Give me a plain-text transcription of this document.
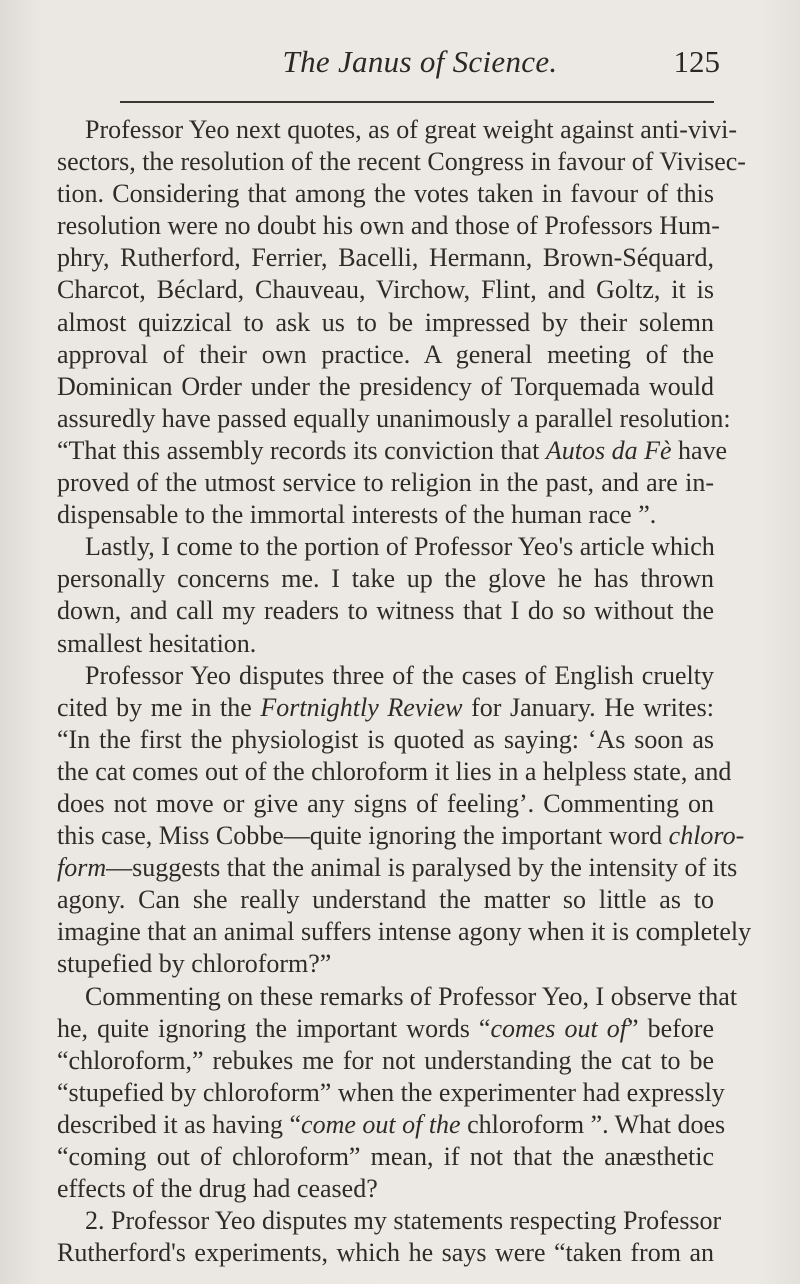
The Janus of Science.	125
Professor Yeo next quotes, as of great weight against anti-vivi-
sectors, the resolution of the recent Congress in favour of Vivisec-
tion. Considering that among the votes taken in favour of this
resolution were no doubt his own and those of Professors Hum-
phry, Rutherford, Ferrier, Bacelli, Hermann, Brown-Séquard,
Charcot, Béclard, Chauveau, Virchow, Flint, and Goltz, it is
almost quizzical to ask us to be impressed by their solemn
approval of their own practice. A general meeting of the
Dominican Order under the presidency of Torquemada would
assuredly have passed equally unanimously a parallel resolution:
“That this assembly records its conviction that Autos da Fè have
proved of the utmost service to religion in the past, and are in-
dispensable to the immortal interests of the human race ”.
Lastly, I come to the portion of Professor Yeo's article which
personally concerns me. I take up the glove he has thrown
down, and call my readers to witness that I do so without the
smallest hesitation.
Professor Yeo disputes three of the cases of English cruelty
cited by me in the Fortnightly Review for January. He writes:
“In the first the physiologist is quoted as saying: ‘As soon as
the cat comes out of the chloroform it lies in a helpless state, and
does not move or give any signs of feeling’. Commenting on
this case, Miss Cobbe—quite ignoring the important word chloro-
form—suggests that the animal is paralysed by the intensity of its
agony. Can she really understand the matter so little as to
imagine that an animal suffers intense agony when it is completely
stupefied by chloroform?”
Commenting on these remarks of Professor Yeo, I observe that
he, quite ignoring the important words “comes out of” before
“chloroform,” rebukes me for not understanding the cat to be
“stupefied by chloroform” when the experimenter had expressly
described it as having “come out of the chloroform ”. What does
“coming out of chloroform” mean, if not that the anæsthetic
effects of the drug had ceased?
2. Professor Yeo disputes my statements respecting Professor
Rutherford's experiments, which he says were “taken from an
